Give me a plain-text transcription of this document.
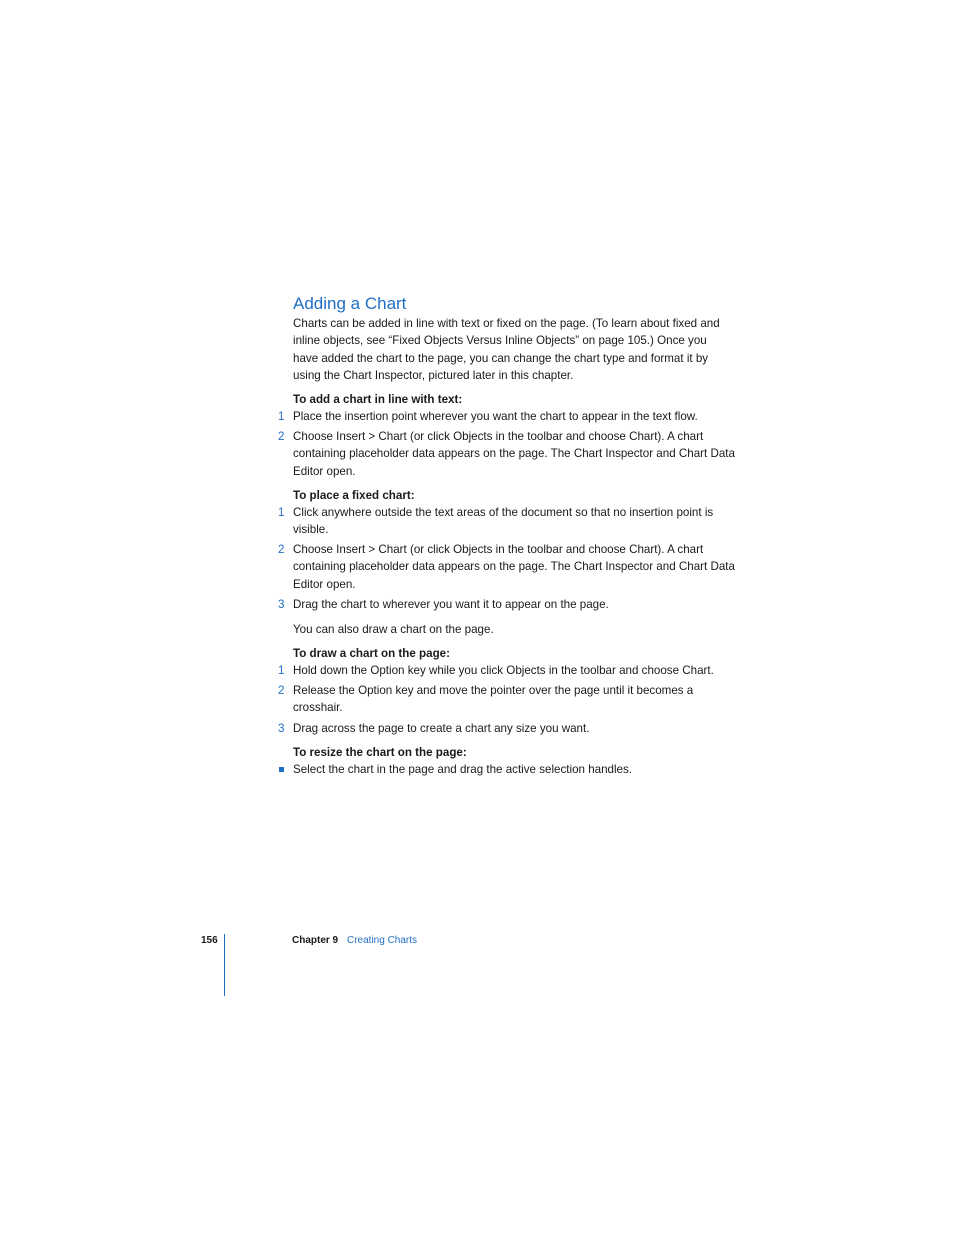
Adding a Chart

Charts can be added in line with text or fixed on the page. (To learn about fixed and inline objects, see “Fixed Objects Versus Inline Objects” on page 105.) Once you have added the chart to the page, you can change the chart type and format it by using the Chart Inspector, pictured later in this chapter.

To add a chart in line with text:

1 Place the insertion point wherever you want the chart to appear in the text flow.
2 Choose Insert > Chart (or click Objects in the toolbar and choose Chart). A chart containing placeholder data appears on the page. The Chart Inspector and Chart Data Editor open.

To place a fixed chart:

1 Click anywhere outside the text areas of the document so that no insertion point is visible.
2 Choose Insert > Chart (or click Objects in the toolbar and choose Chart). A chart containing placeholder data appears on the page. The Chart Inspector and Chart Data Editor open.
3 Drag the chart to wherever you want it to appear on the page.

You can also draw a chart on the page.

To draw a chart on the page:

1 Hold down the Option key while you click Objects in the toolbar and choose Chart.
2 Release the Option key and move the pointer over the page until it becomes a crosshair.
3 Drag across the page to create a chart any size you want.

To resize the chart on the page:

Select the chart in the page and drag the active selection handles.
156	Chapter 9 Creating Charts
